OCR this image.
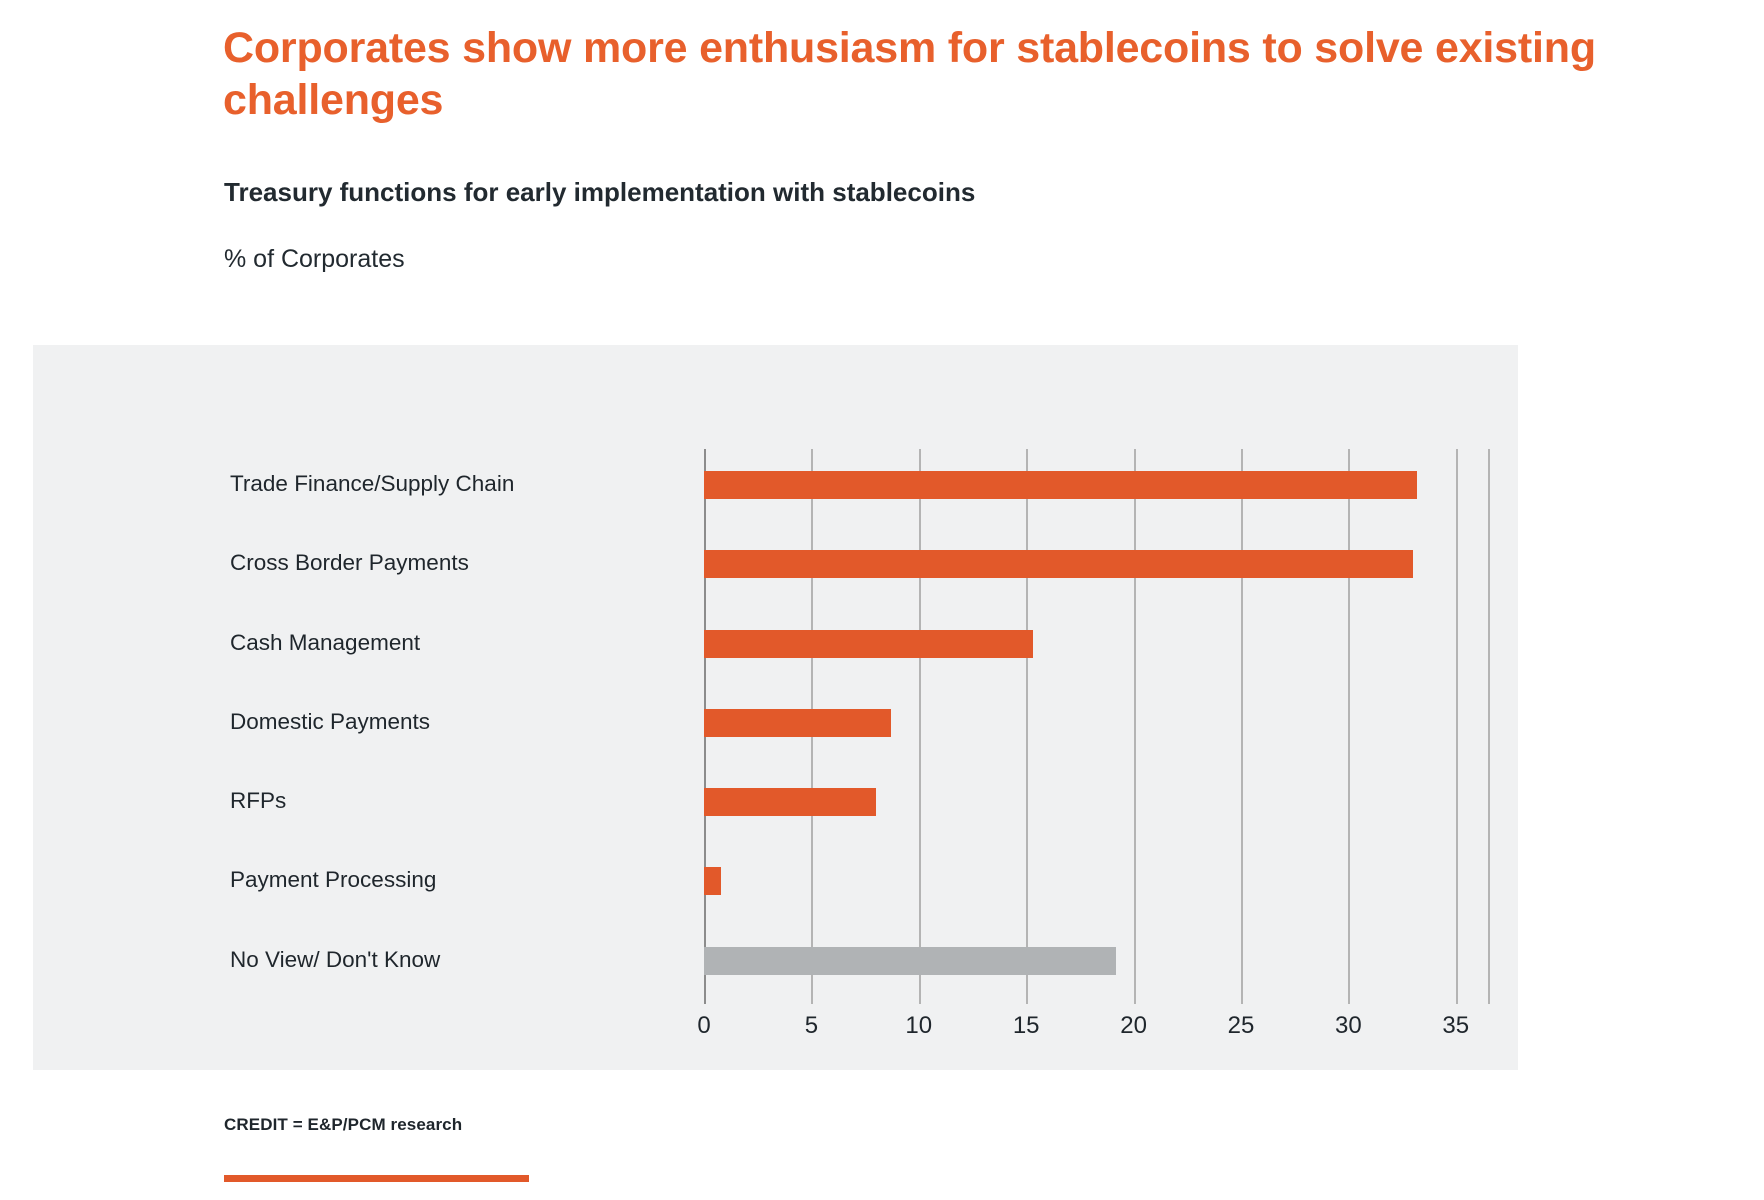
Corporates show more enthusiasm for stablecoins to solve existing challenges
Treasury functions for early implementation with stablecoins
% of Corporates
Trade Finance/Supply Chain
Cross Border Payments
Cash Management
Domestic Payments
RFPs
Payment Processing
No View/ Don't Know
0	5	10	15	20	25	30	35
CREDIT = E&P/PCM research
